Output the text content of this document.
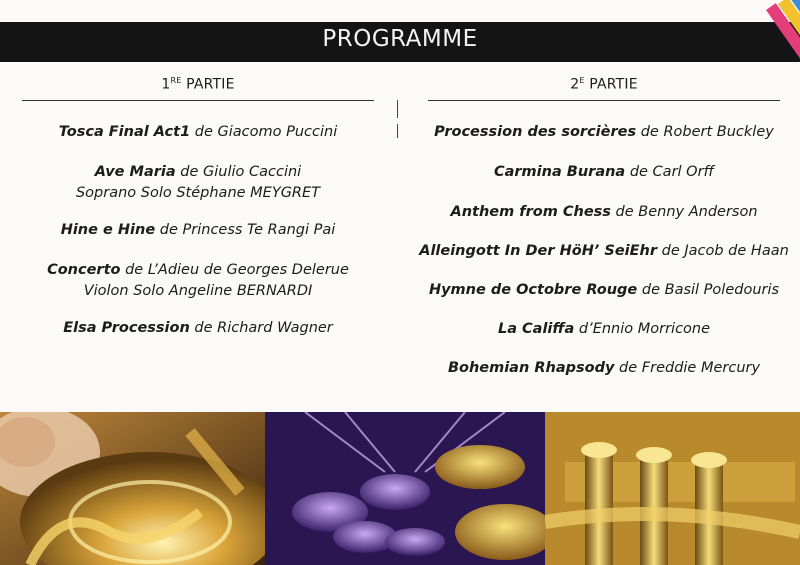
PROGRAMME
1RE PARTIE	$2^E$ PARTIE
Tosca Final Act1 de Giacomo Puccini
Ave Maria de Giulio Caccini
Soprano Solo Stéphane MEYGRET
Hine e Hine de Princess Te Rangi Pai
Concerto de L’Adieu de Georges Delerue
Violon Solo Angeline BERNARDI
Elsa Procession de Richard Wagner
Procession des sorcières de Robert Buckley
Carmina Burana de Carl Orff
Anthem from Chess de Benny Anderson
Alleingott In Der HöH’ SeiEhr de Jacob de Haan
Hymne de Octobre Rouge de Basil Poledouris
La Califfa d’Ennio Morricone
Bohemian Rhapsody de Freddie Mercury
